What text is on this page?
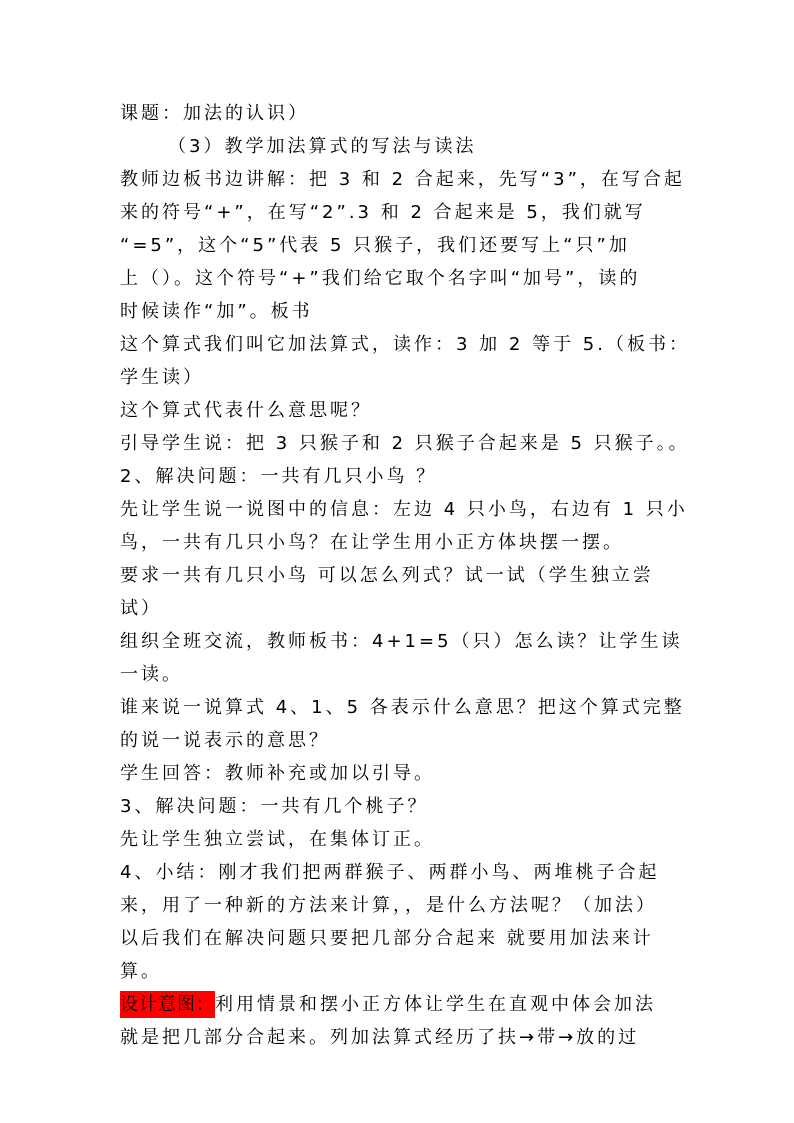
课题：加法的认识）
（3）教学加法算式的写法与读法
教师边板书边讲解：把 3 和 2 合起来，先写“3”，在写合起
来的符号“+”，在写“2”.3 和 2 合起来是 5，我们就写
“=5”，这个“5”代表 5 只猴子，我们还要写上“只”加
上（）。这个符号“+”我们给它取个名字叫“加号”，读的
时候读作“加”。板书
这个算式我们叫它加法算式，读作：3 加 2 等于 5.（板书：
学生读）
这个算式代表什么意思呢？
引导学生说：把 3 只猴子和 2 只猴子合起来是 5 只猴子。。
2、解决问题：一共有几只小鸟 ？
先让学生说一说图中的信息：左边 4 只小鸟，右边有 1 只小
鸟，一共有几只小鸟？在让学生用小正方体块摆一摆。
要求一共有几只小鸟 可以怎么列式？试一试（学生独立尝
试）
组织全班交流，教师板书：4+1=5（只）怎么读？让学生读
一读。
谁来说一说算式 4、1、5 各表示什么意思？把这个算式完整
的说一说表示的意思？
学生回答：教师补充或加以引导。
3、解决问题：一共有几个桃子？
先让学生独立尝试，在集体订正。
4、小结：刚才我们把两群猴子、两群小鸟、两堆桃子合起
来，用了一种新的方法来计算，，是什么方法呢？（加法）
以后我们在解决问题只要把几部分合起来 就要用加法来计
算。
设计意图：利用情景和摆小正方体让学生在直观中体会加法
就是把几部分合起来。列加法算式经历了扶→带→放的过
